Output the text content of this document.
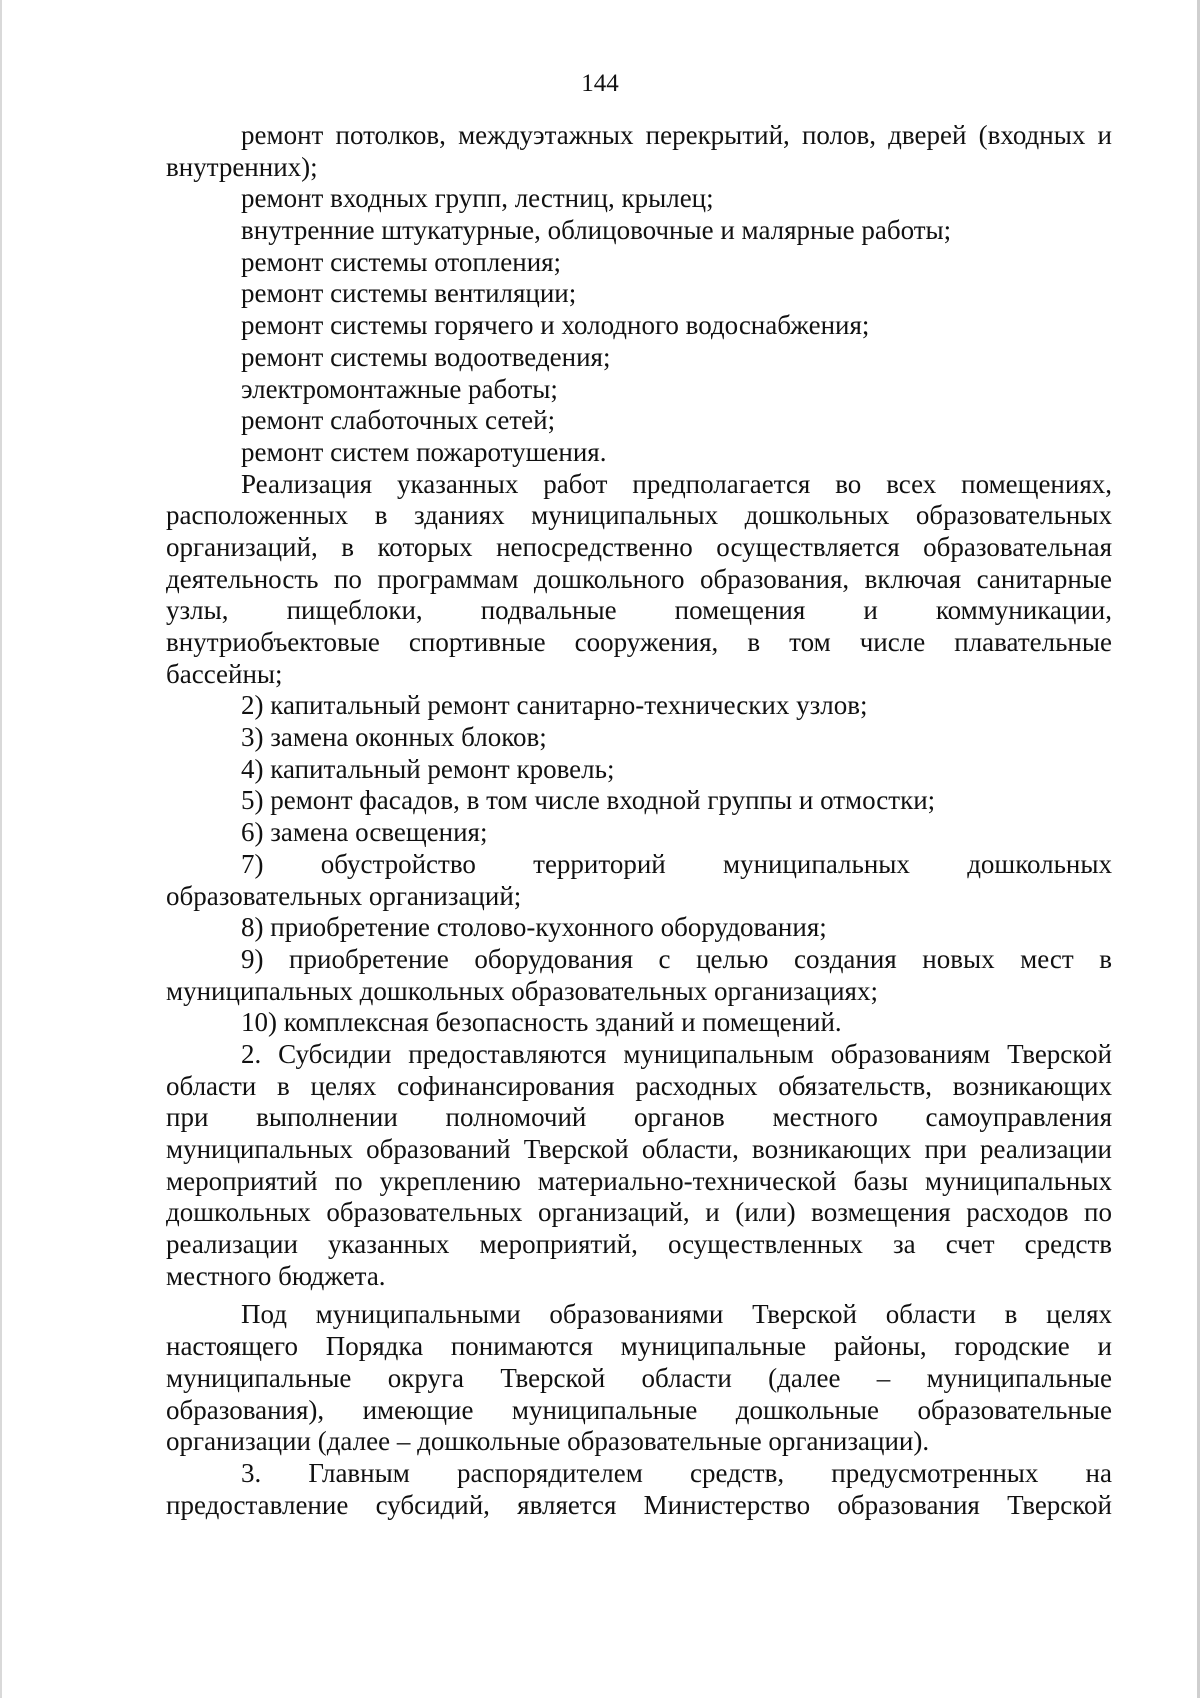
144
ремонт потолков, междуэтажных перекрытий, полов, дверей (входных и
внутренних);
ремонт входных групп, лестниц, крылец;
внутренние штукатурные, облицовочные и малярные работы;
ремонт системы отопления;
ремонт системы вентиляции;
ремонт системы горячего и холодного водоснабжения;
ремонт системы водоотведения;
электромонтажные работы;
ремонт слаботочных сетей;
ремонт систем пожаротушения.
Реализация указанных работ предполагается во всех помещениях,
расположенных в зданиях муниципальных дошкольных образовательных
организаций, в которых непосредственно осуществляется образовательная
деятельность по программам дошкольного образования, включая санитарные
узлы, пищеблоки, подвальные помещения и коммуникации,
внутриобъектовые спортивные сооружения, в том числе плавательные
бассейны;
2) капитальный ремонт санитарно-технических узлов;
3) замена оконных блоков;
4) капитальный ремонт кровель;
5) ремонт фасадов, в том числе входной группы и отмостки;
6) замена освещения;
7) обустройство территорий муниципальных дошкольных
образовательных организаций;
8) приобретение столово-кухонного оборудования;
9) приобретение оборудования с целью создания новых мест в
муниципальных дошкольных образовательных организациях;
10) комплексная безопасность зданий и помещений.
2. Субсидии предоставляются муниципальным образованиям Тверской
области в целях софинансирования расходных обязательств, возникающих
при выполнении полномочий органов местного самоуправления
муниципальных образований Тверской области, возникающих при реализации
мероприятий по укреплению материально-технической базы муниципальных
дошкольных образовательных организаций, и (или) возмещения расходов по
реализации указанных мероприятий, осуществленных за счет средств
местного бюджета.
Под муниципальными образованиями Тверской области в целях
настоящего Порядка понимаются муниципальные районы, городские и
муниципальные округа Тверской области (далее – муниципальные
образования), имеющие муниципальные дошкольные образовательные
организации (далее – дошкольные образовательные организации).
3. Главным распорядителем средств, предусмотренных на
предоставление субсидий, является Министерство образования Тверской
